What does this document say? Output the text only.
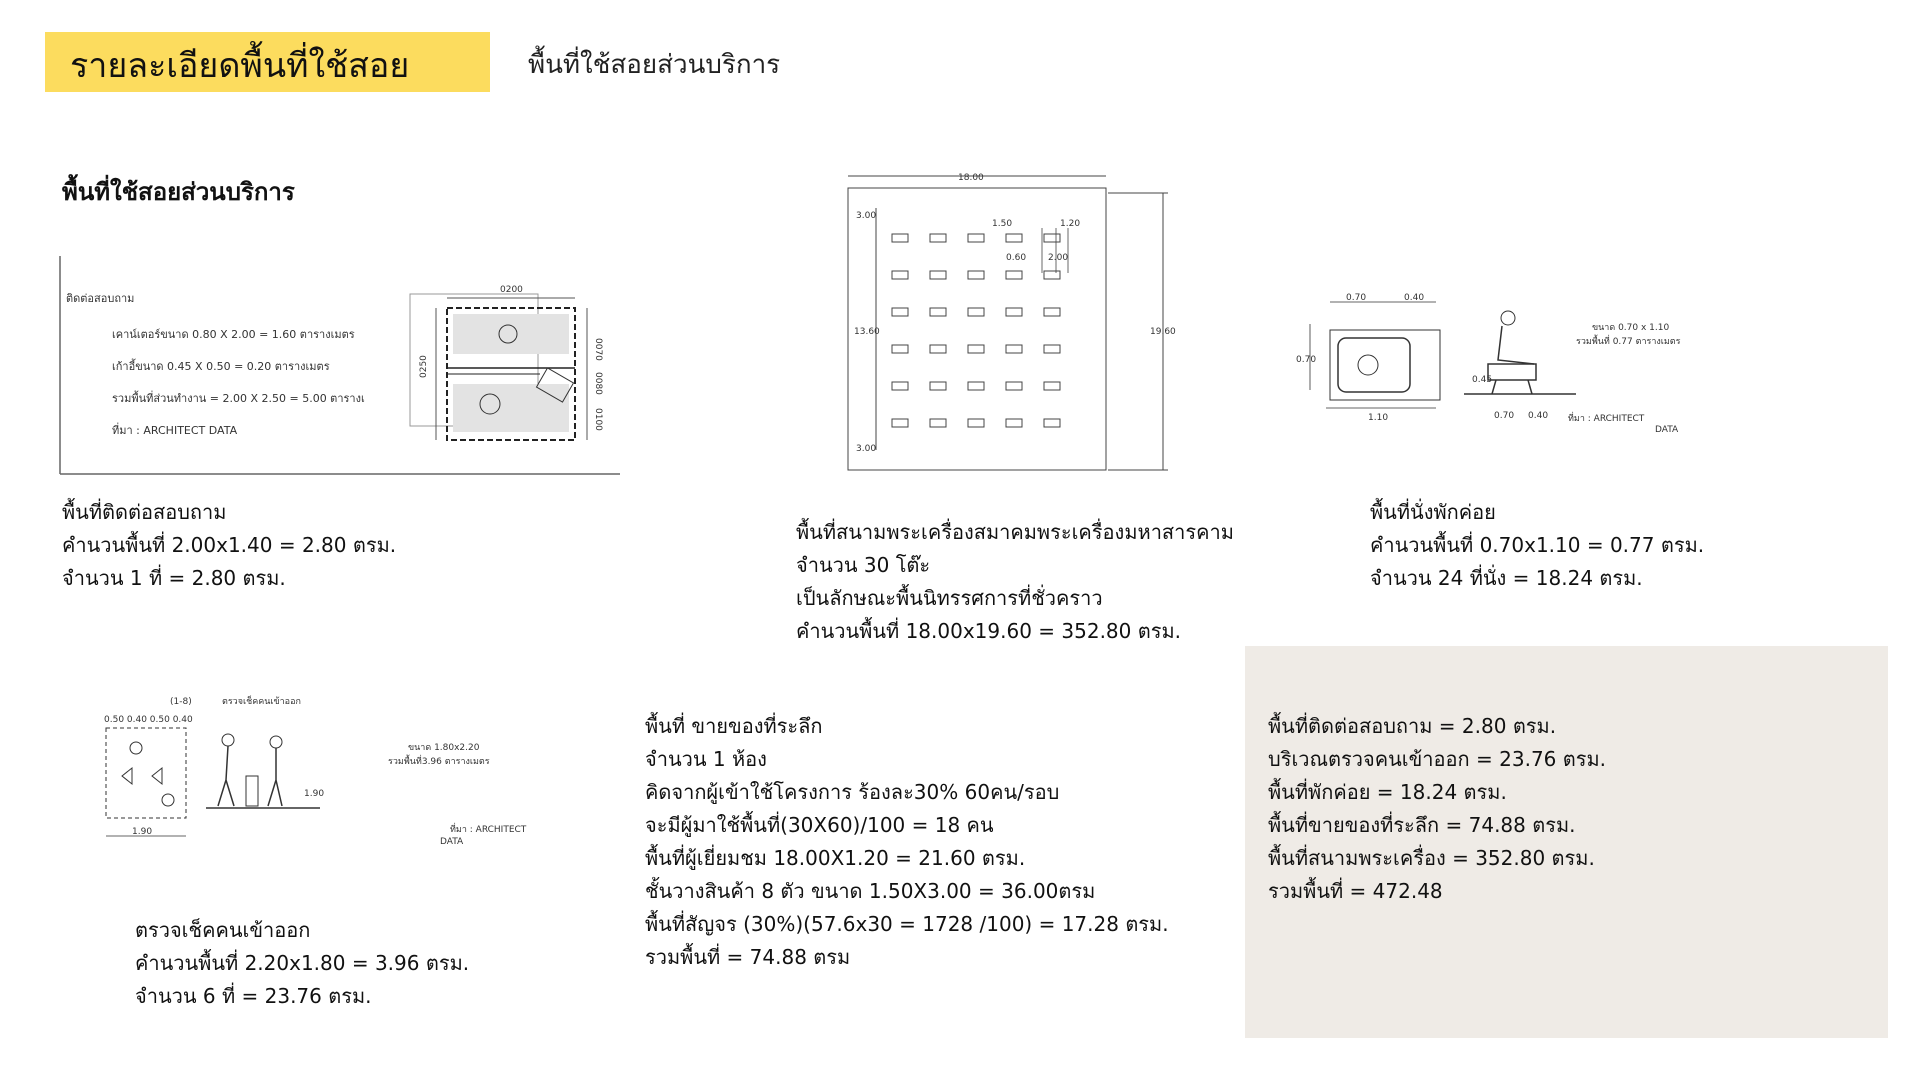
รายละเอียดพื้นที่ใช้สอย	พื้นที่ใช้สอยส่วนบริการ
พื้นที่ใช้สอยส่วนบริการ
ติดต่อสอบถาม
เคาน์เตอร์ขนาด 0.80 X 2.00 = 1.60 ตารางเมตร
เก้าอี้ขนาด 0.45 X 0.50 = 0.20 ตารางเมตร
รวมพื้นที่ส่วนทำงาน = 2.00 X 2.50 = 5.00 ตารางเ
ที่มา : ARCHITECT DATA
0200
0250
0070
0080
0100
18.00
19.60
13.60
3.00
3.00
1.50	1.20
0.60 2.00
0.70	0.40
0.70
1.10
0.45
0.70 0.40
ขนาด 0.70 x 1.10
รวมพื้นที่ 0.77 ตารางเมตร
ที่มา : ARCHITECT
DATA
(1-8)	ตรวจเช็คคนเข้าออก
0.50 0.40 0.50 0.40
1.90
1.90
ขนาด 1.80x2.20
รวมพื้นที่3.96 ตารางเมตร
ที่มา : ARCHITECT
DATA
พื้นที่ติดต่อสอบถาม
คำนวนพื้นที่ 2.00x1.40 = 2.80 ตรม.
จำนวน 1 ที่ = 2.80 ตรม.
พื้นที่สนามพระเครื่องสมาคมพระเครื่องมหาสารคาม
จำนวน 30 โต๊ะ
เป็นลักษณะพื้นนิทรรศการที่ชั่วคราว
คำนวนพื้นที่ 18.00x19.60 = 352.80 ตรม.
พื้นที่นั่งพักค่อย
คำนวนพื้นที่ 0.70x1.10 = 0.77 ตรม.
จำนวน 24 ที่นั่ง = 18.24 ตรม.
ตรวจเช็คคนเข้าออก
คำนวนพื้นที่ 2.20x1.80 = 3.96 ตรม.
จำนวน 6 ที่ = 23.76 ตรม.
พื้นที่ ขายของที่ระลึก
จำนวน 1 ห้อง
คิดจากผู้เข้าใช้โครงการ ร้องละ30% 60คน/รอบ
จะมีผู้มาใช้พื้นที่(30X60)/100 = 18 คน
พื้นที่ผู้เยี่ยมชม 18.00X1.20 = 21.60 ตรม.
ชั้นวางสินค้า 8 ตัว ขนาด 1.50X3.00 = 36.00ตรม
พื้นที่สัญจร (30%)(57.6x30 = 1728 /100) = 17.28 ตรม.
รวมพื้นที่ = 74.88 ตรม
พื้นที่ติดต่อสอบถาม = 2.80 ตรม.
บริเวณตรวจคนเข้าออก = 23.76 ตรม.
พื้นที่พักค่อย = 18.24 ตรม.
พื้นที่ขายของที่ระลึก = 74.88 ตรม.
พื้นที่สนามพระเครื่อง = 352.80 ตรม.
รวมพื้นที่ = 472.48
